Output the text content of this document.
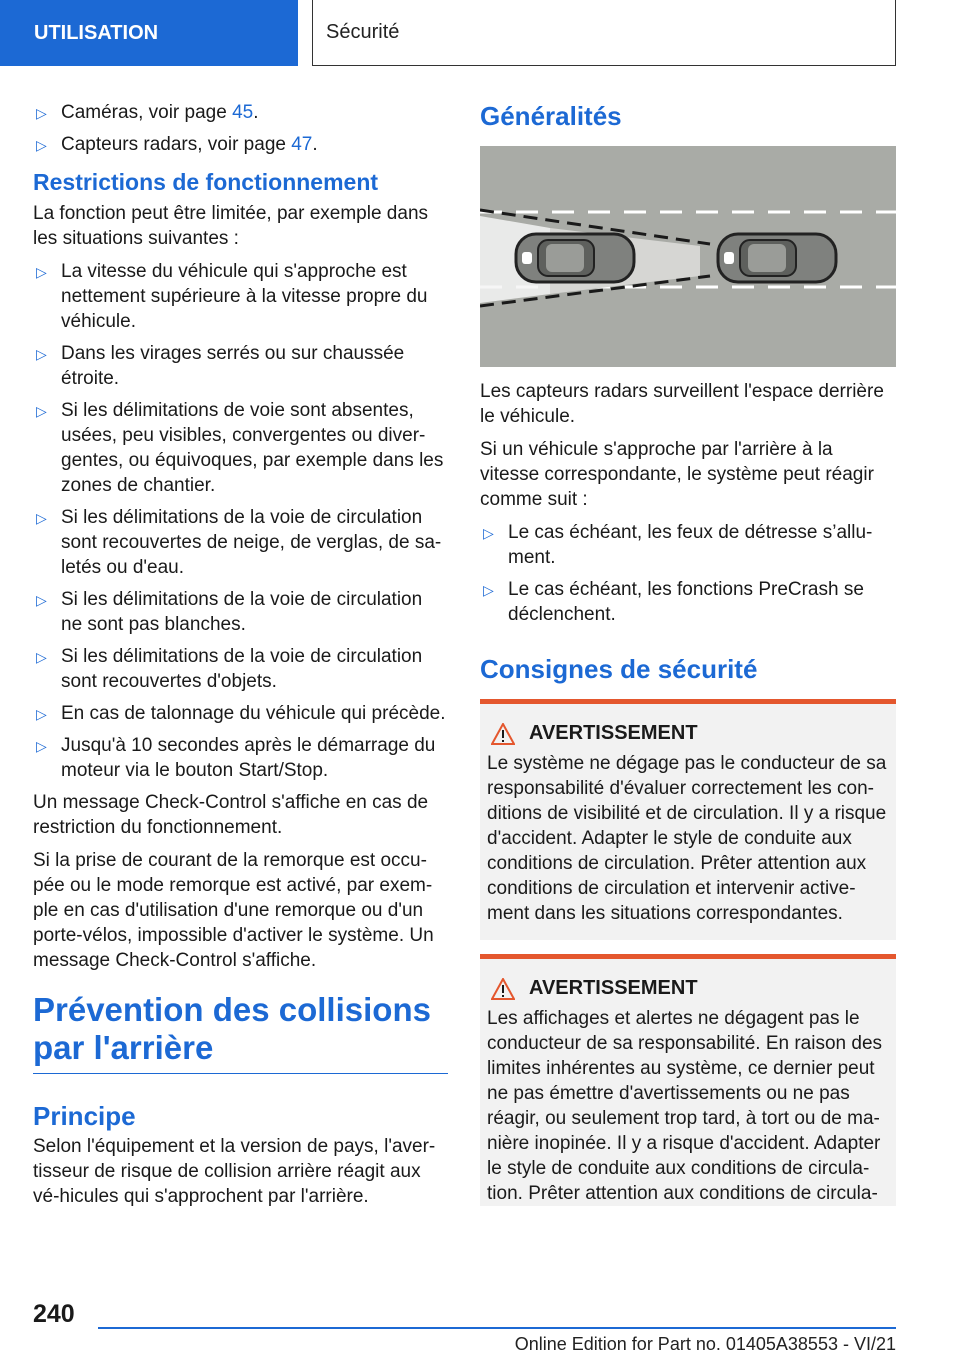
UTILISATION	Sécurité
▷ Caméras, voir page 45.
▷ Capteurs radars, voir page 47.
Restrictions de fonctionnement

La fonction peut être limitée, par exemple dans les situations suivantes :

▷ La vitesse du véhicule qui s'approche est nettement supérieure à la vitesse propre du véhicule.
▷ Dans les virages serrés ou sur chaussée étroite.
▷ Si les délimitations de voie sont absentes, usées, peu visibles, convergentes ou diver-gentes, ou équivoques, par exemple dans les zones de chantier.
▷ Si les délimitations de la voie de circulation sont recouvertes de neige, de verglas, de sa-letés ou d'eau.
▷ Si les délimitations de la voie de circulation ne sont pas blanches.
▷ Si les délimitations de la voie de circulation sont recouvertes d'objets.
▷ En cas de talonnage du véhicule qui précède.
▷ Jusqu'à 10 secondes après le démarrage du moteur via le bouton Start/Stop.

Un message Check-Control s'affiche en cas de restriction du fonctionnement.

Si la prise de courant de la remorque est occu-pée ou le mode remorque est activé, par exem-ple en cas d'utilisation d'une remorque ou d'un porte-vélos, impossible d'activer le système. Un message Check-Control s'affiche.

Prévention des collisions par l'arrière
Principe

Selon l'équipement et la version de pays, l'aver-tisseur de risque de collision arrière réagit aux vé-hicules qui s'approchent par l'arrière.

Généralités

Les capteurs radars surveillent l'espace derrière le véhicule.

Si un véhicule s'approche par l'arrière à la vitesse correspondante, le système peut réagir comme suit :

▷ Le cas échéant, les feux de détresse s’allu-ment.
▷ Le cas échéant, les fonctions PreCrash se déclenchent.
Consignes de sécurité
AVERTISSEMENT

Le système ne dégage pas le conducteur de sa responsabilité d'évaluer correctement les con-ditions de visibilité et de circulation. Il y a risque d'accident. Adapter le style de conduite aux conditions de circulation. Prêter attention aux conditions de circulation et intervenir active-ment dans les situations correspondantes.

AVERTISSEMENT

Les affichages et alertes ne dégagent pas le conducteur de sa responsabilité. En raison des limites inhérentes au système, ce dernier peut ne pas émettre d'avertissements ou ne pas réagir, ou seulement trop tard, à tort ou de ma-nière inopinée. Il y a risque d'accident. Adapter le style de conduite aux conditions de circula-tion. Prêter attention aux conditions de circula-

240
Online Edition for Part no. 01405A38553 - VI/21
